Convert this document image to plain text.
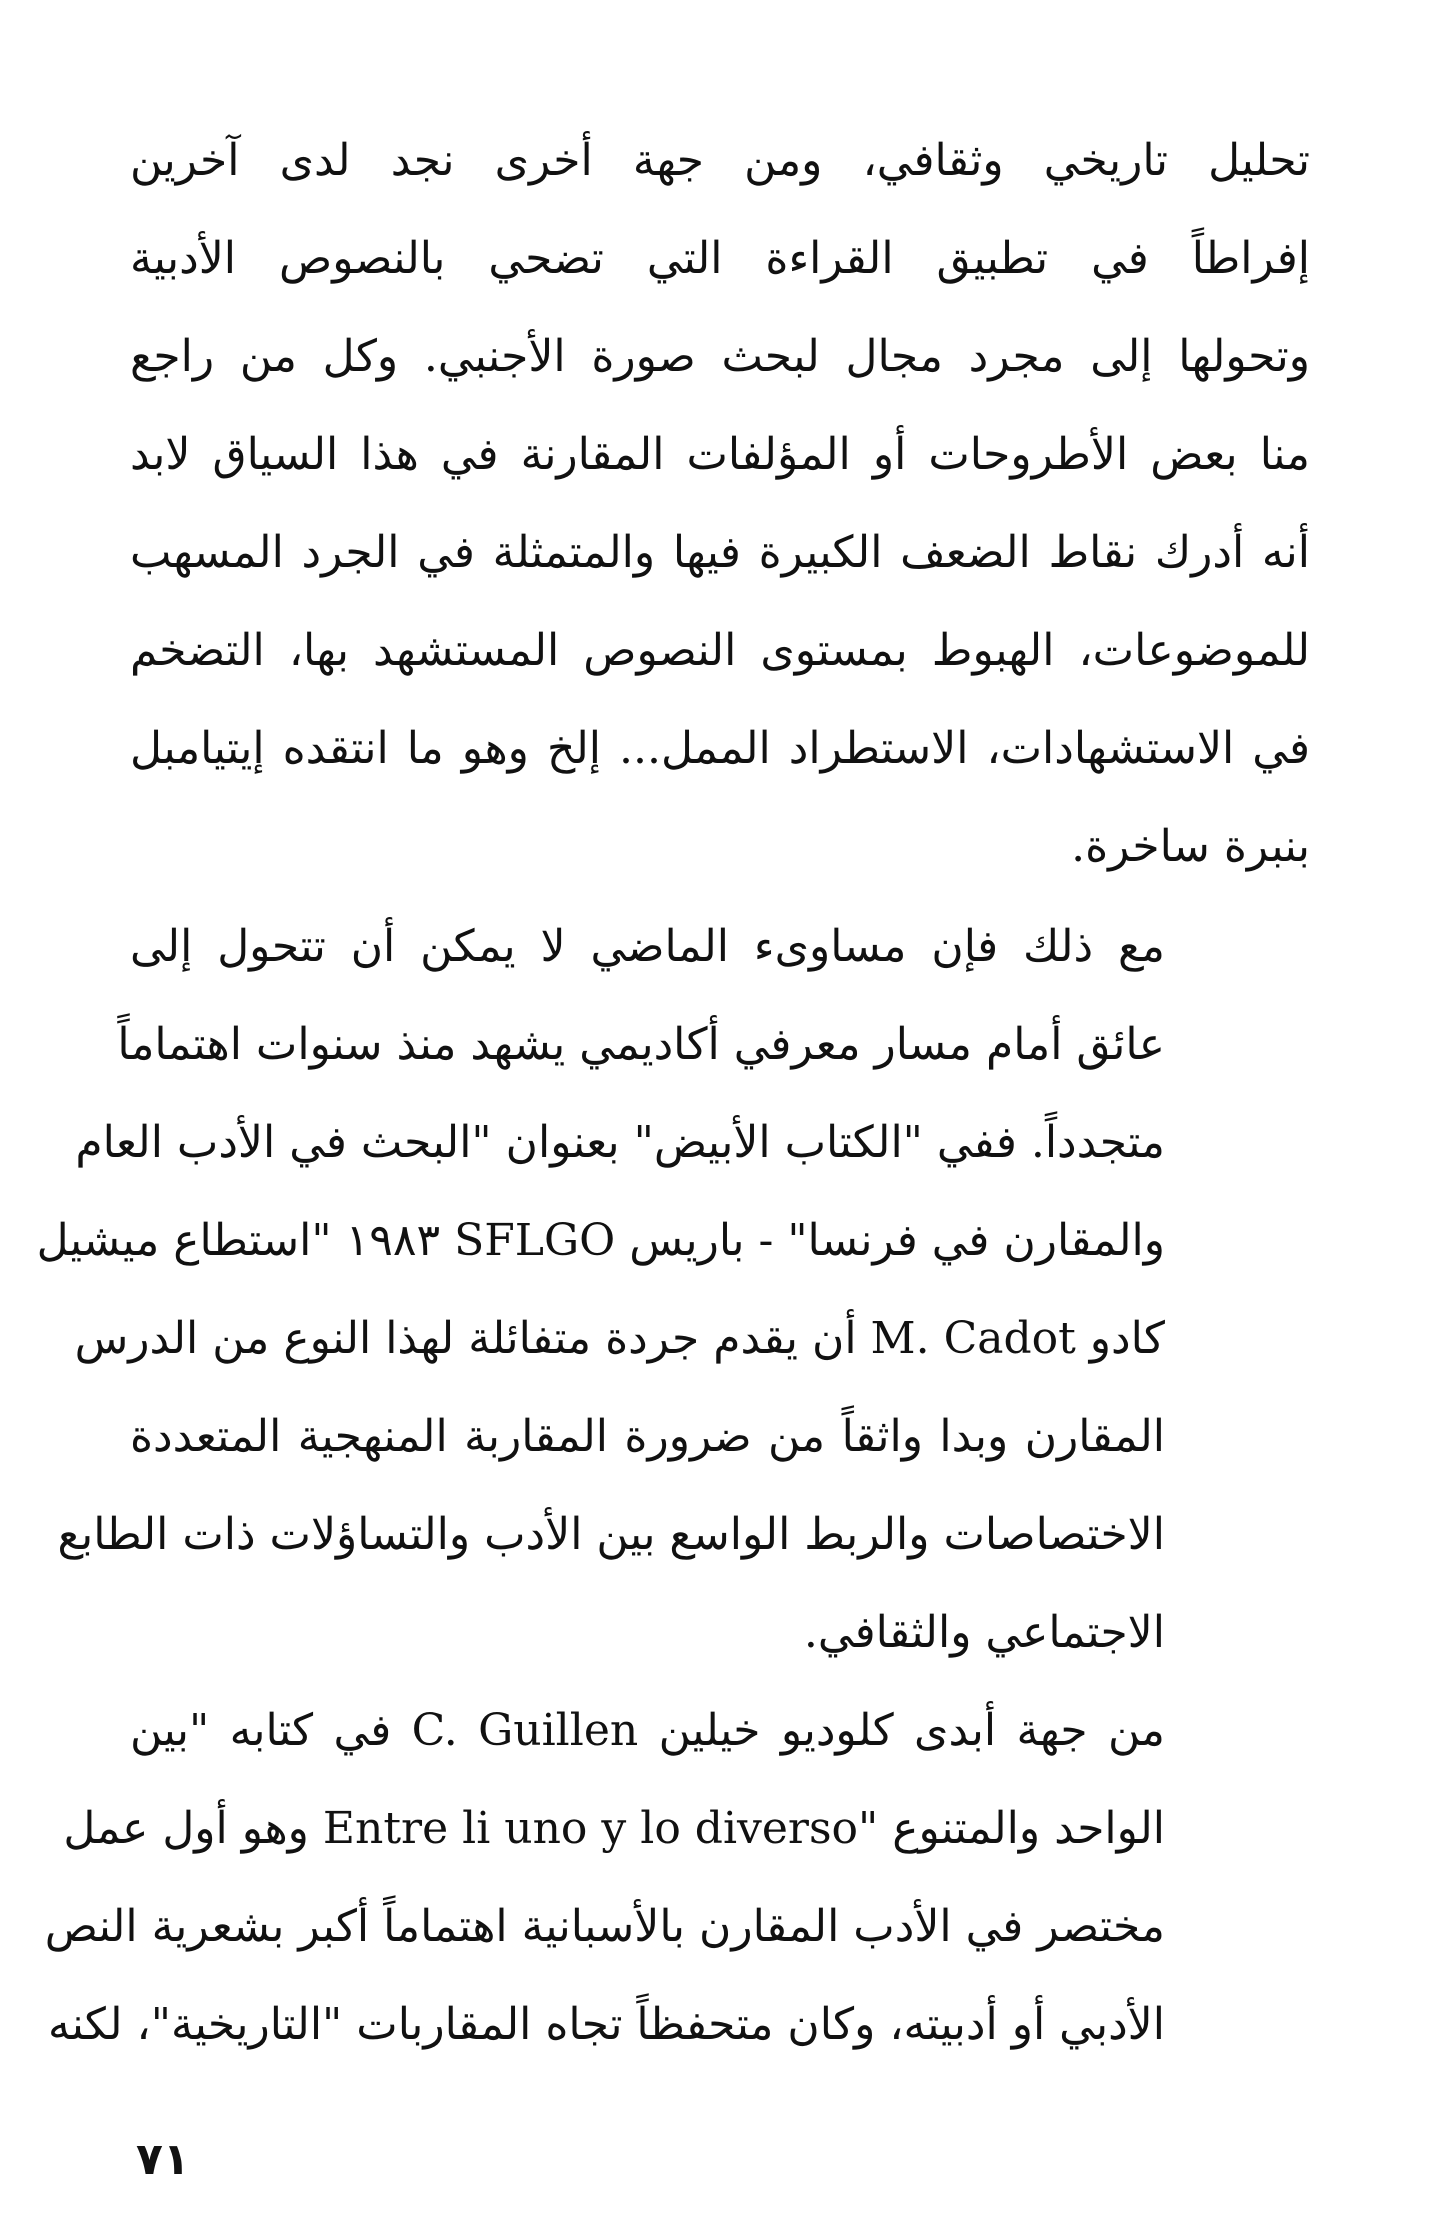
تحليل تاريخي وثقافي، ومن جهة أخرى نجد لدى آخرين
إفراطاً في تطبيق القراءة التي تضحي بالنصوص الأدبية
وتحولها إلى مجرد مجال لبحث صورة الأجنبي. وكل من راجع
منا بعض الأطروحات أو المؤلفات المقارنة في هذا السياق لابد
أنه أدرك نقاط الضعف الكبيرة فيها والمتمثلة في الجرد المسهب
للموضوعات، الهبوط بمستوى النصوص المستشهد بها، التضخم
في الاستشهادات، الاستطراد الممل... إلخ وهو ما انتقده إيتيامبل
بنبرة ساخرة.
مع ذلك فإن مساوىء الماضي لا يمكن أن تتحول إلى
عائق أمام مسار معرفي أكاديمي يشهد منذ سنوات اهتماماً
متجدداً. ففي "الكتاب الأبيض" بعنوان "البحث في الأدب العام
والمقارن في فرنسا" - باريس SFLGO ١٩٨٣ "استطاع ميشيل
كادو M. Cadot أن يقدم جردة متفائلة لهذا النوع من الدرس
المقارن وبدا واثقاً من ضرورة المقاربة المنهجية المتعددة
الاختصاصات والربط الواسع بين الأدب والتساؤلات ذات الطابع
الاجتماعي والثقافي.
من جهة أبدى كلوديو خيلين C. Guillen في كتابه "بين
الواحد والمتنوع "Entre li uno y lo diverso وهو أول عمل
مختصر في الأدب المقارن بالأسبانية اهتماماً أكبر بشعرية النص
الأدبي أو أدبيته، وكان متحفظاً تجاه المقاربات "التاريخية"، لكنه
٧١
